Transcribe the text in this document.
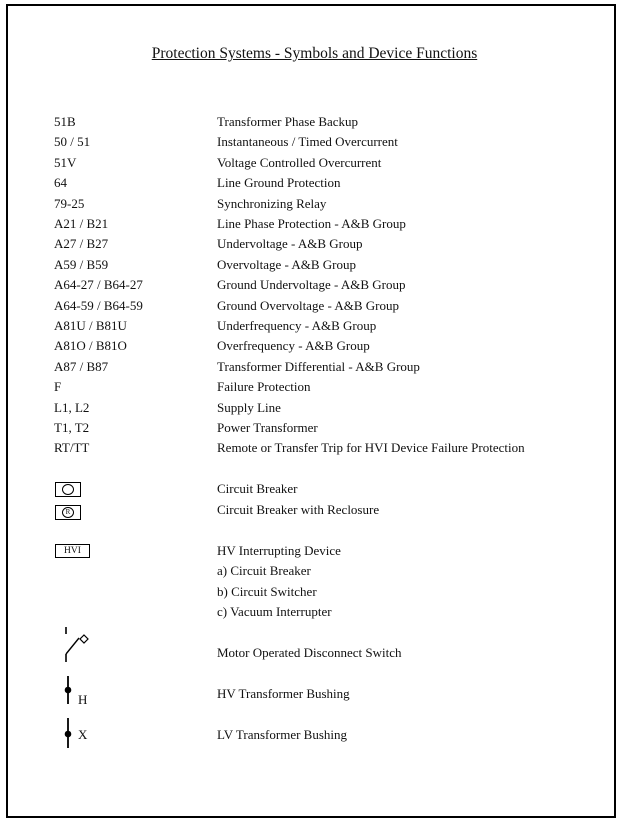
Protection Systems - Symbols and Device Functions
51B	Transformer Phase Backup
50 / 51	Instantaneous / Timed Overcurrent
51V	Voltage Controlled Overcurrent
64	Line Ground Protection
79-25	Synchronizing Relay
A21 / B21	Line Phase Protection - A&B Group
A27 / B27	Undervoltage - A&B Group
A59 / B59	Overvoltage - A&B Group
A64-27 / B64-27	Ground Undervoltage - A&B Group
A64-59 / B64-59	Ground Overvoltage - A&B Group
A81U / B81U	Underfrequency - A&B Group
A81O / B81O	Overfrequency - A&B Group
A87 / B87	Transformer Differential - A&B Group
F	Failure Protection
L1, L2	Supply Line
T1, T2	Power Transformer
RT/TT	Remote or Transfer Trip for HVI Device Failure Protection
Circuit Breaker
R	Circuit Breaker with Reclosure
HVI	HV Interrupting Device
a) Circuit Breaker
b) Circuit Switcher
c) Vacuum Interrupter
Motor Operated Disconnect Switch
H	HV Transformer Bushing
X	LV Transformer Bushing
